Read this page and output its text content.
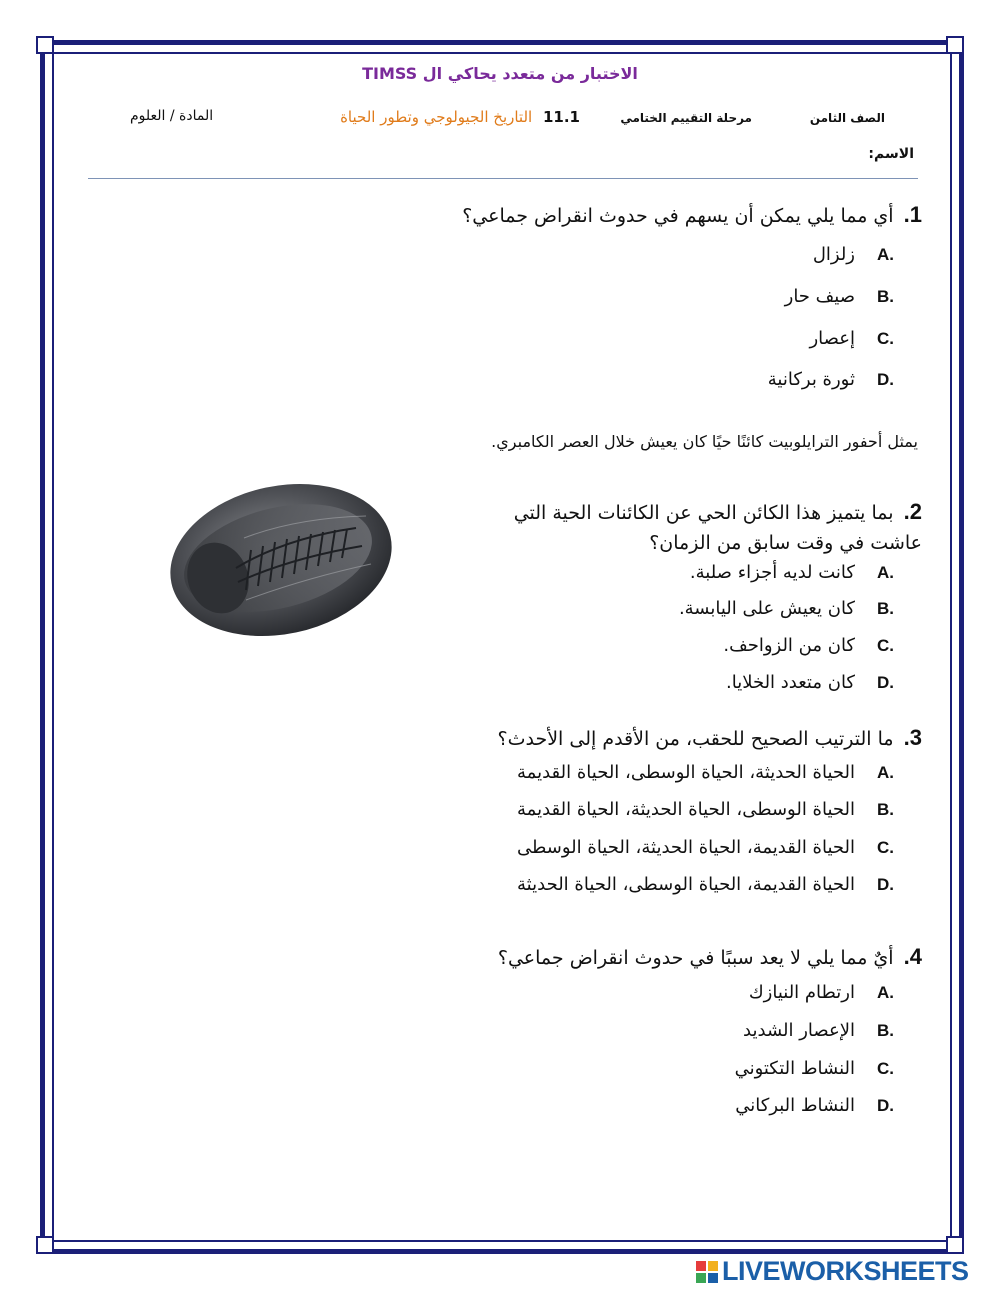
الاختبار من متعدد يحاكي ال TIMSS
الصف الثامن
مرحلة التقييم الختامي
11.1 التاريخ الجيولوجي وتطور الحياة
المادة / العلوم
الاسم:
1. أي مما يلي يمكن أن يسهم في حدوث انقراض جماعي؟
A.
زلزال
B.
صيف حار
C.
إعصار
D.
ثورة بركانية
يمثل أحفور الترايلوبيت كائنًا حيًا كان يعيش خلال العصر الكامبري.
2. بما يتميز هذا الكائن الحي عن الكائنات الحية التي عاشت في وقت سابق من الزمان؟
A.
كانت لديه أجزاء صلبة.
B.
كان يعيش على اليابسة.
C.
كان من الزواحف.
D.
كان متعدد الخلايا.
3. ما الترتيب الصحيح للحقب، من الأقدم إلى الأحدث؟
A.
الحياة الحديثة، الحياة الوسطى، الحياة القديمة
B.
الحياة الوسطى، الحياة الحديثة، الحياة القديمة
C.
الحياة القديمة، الحياة الحديثة، الحياة الوسطى
D.
الحياة القديمة، الحياة الوسطى، الحياة الحديثة
4. أيٌ مما يلي لا يعد سببًا في حدوث انقراض جماعي؟
A.
ارتطام النيازك
B.
الإعصار الشديد
C.
النشاط التكتوني
D.
النشاط البركاني
LIVEWORKSHEETS
